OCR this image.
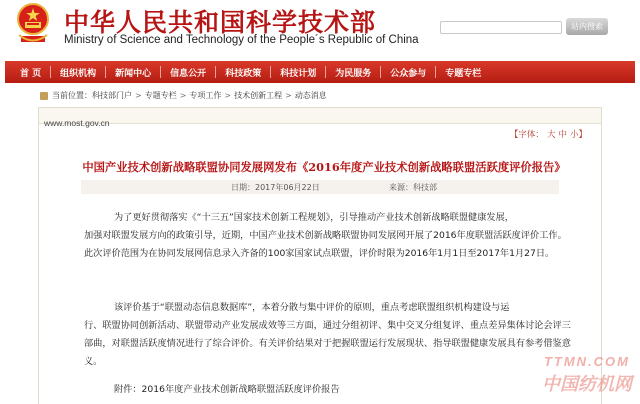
中华人民共和国科学技术部
Ministry of Science and Technology of the People´s Republic of China
站内搜索
首 页	组织机构	新闻中心	信息公开	科技政策	科技计划	为民服务	公众参与	专题专栏
当前位置： 科技部门户 > 专题专栏 > 专项工作 > 技术创新工程 > 动态消息
www.most.gov.cn
【字体： 大 中 小】
中国产业技术创新战略联盟协同发展网发布《2016年度产业技术创新战略联盟活跃度评价报告》
日期：2017年06月22日	来源：科技部
为了更好贯彻落实《“十三五”国家技术创新工程规划》，引导推动产业技术创新战略联盟健康发展，
加强对联盟发展方向的政策引导，近期，中国产业技术创新战略联盟协同发展网开展了2016年度联盟活跃度评价工作。此次评价范围为在协同发展网信息录入齐备的100家国家试点联盟，评价时限为2016年1月1日至2017年1月27日。
该评价基于“联盟动态信息数据库”，本着分散与集中评价的原则，重点考虑联盟组织机构建设与运
行、联盟协同创新活动、联盟带动产业发展成效等三方面，通过分组初评、集中交叉分组复评、重点差异集体讨论会评三部曲，对联盟活跃度情况进行了综合评价。有关评价结果对于把握联盟运行发展现状、指导联盟健康发展具有参考借鉴意义。
附件：2016年度产业技术创新战略联盟活跃度评价报告
TTMN.COM
中国纺机网
